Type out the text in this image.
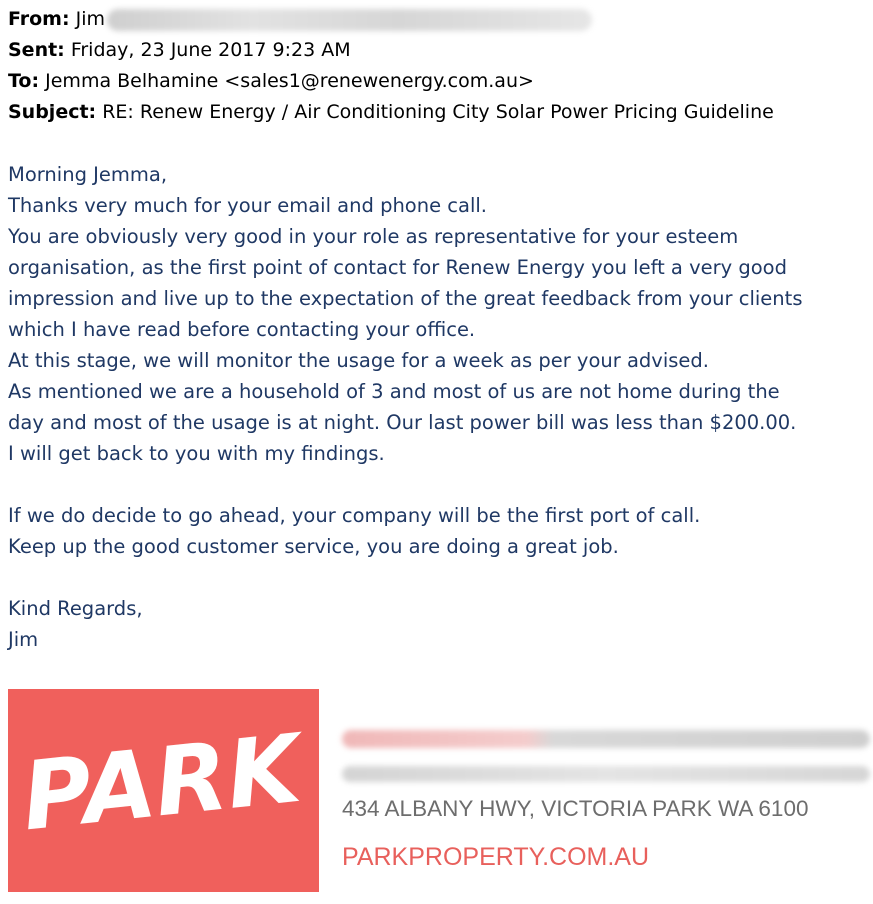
From: Jim
Sent: Friday, 23 June 2017 9:23 AM
To: Jemma Belhamine <sales1@renewenergy.com.au>
Subject: RE: Renew Energy / Air Conditioning City Solar Power Pricing Guideline

Morning Jemma,

Thanks very much for your email and phone call.

You are obviously very good in your role as representative for your esteem

organisation, as the first point of contact for Renew Energy you left a very good

impression and live up to the expectation of the great feedback from your clients

which I have read before contacting your office.

At this stage, we will monitor the usage for a week as per your advised.

As mentioned we are a household of 3 and most of us are not home during the

day and most of the usage is at night. Our last power bill was less than $200.00.

I will get back to you with my findings.

If we do decide to go ahead, your company will be the first port of call.

Keep up the good customer service, you are doing a great job.

Kind Regards,

Jim

PARK 434 ALBANY HWY, VICTORIA PARK WA 6100
PARKPROPERTY.COM.AU
